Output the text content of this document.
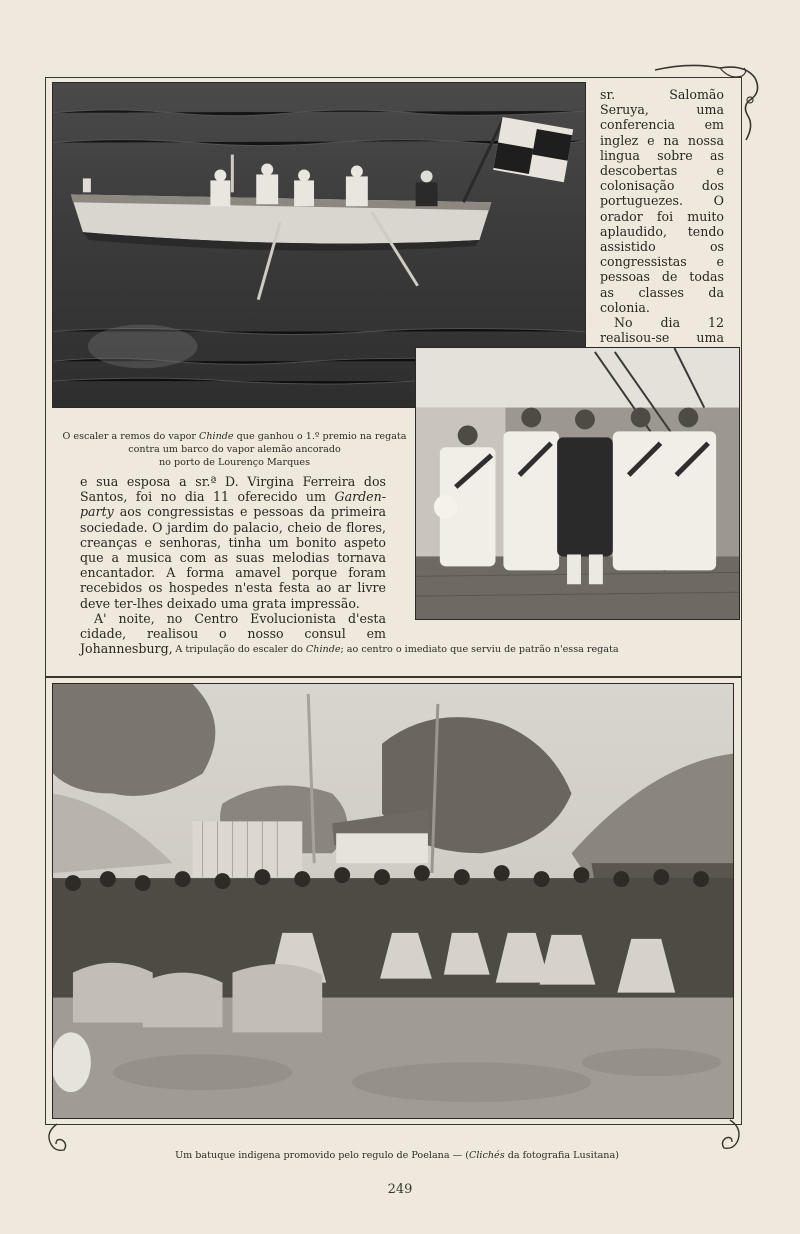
sr. Salomão Seruya, uma conferencia em inglez e na nossa lingua sobre as descobertas e colonisação dos portuguezes. O orador foi muito aplaudido, tendo assistido os congressistas e pessoas de todas as classes da colonia.

No dia 12 realisou-se uma

O escaler a remos do vapor Chinde que ganhou o 1.º premio na regata contra um barco do vapor alemão ancorado
no porto de Lourenço Marques

e sua esposa a sr.ª D. Virgina Ferreira dos Santos, foi no dia 11 oferecido um Garden-party aos congressistas e pessoas da primeira sociedade. O jardim do palacio, cheio de flores, creanças e senhoras, tinha um bonito aspeto que a musica com as suas melodias tornava encantador. A forma amavel porque foram recebidos os hospedes n'esta festa ao ar livre deve ter-lhes deixado uma grata impressão.

A' noite, no Centro Evolucionista d'esta cidade, realisou o nosso consul em Johannesburg, A tripulação do escaler do Chinde; ao centro o imediato que serviu de patrão n'essa regata
Um batuque indigena promovido pelo regulo de Poelana — (Clichés da fotografia Lusitana)
249
